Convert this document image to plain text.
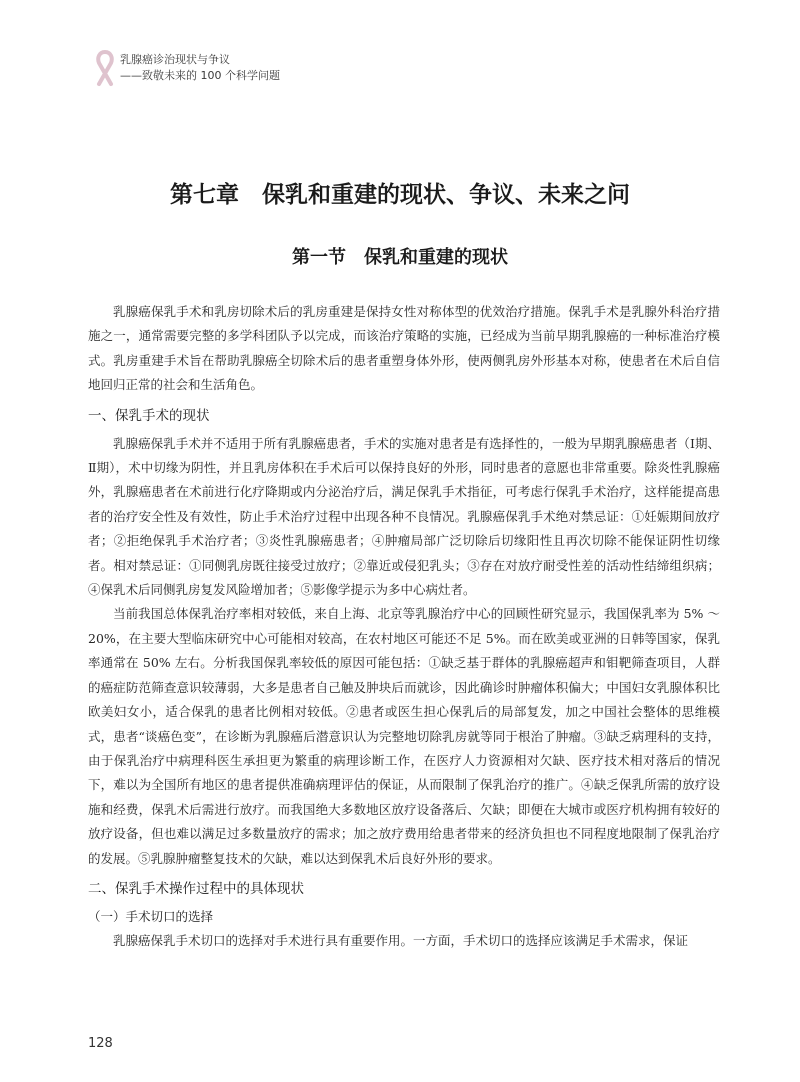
乳腺癌诊治现状与争议
——致敬未来的 100 个科学问题
第七章　保乳和重建的现状、争议、未来之问
第一节　保乳和重建的现状

乳腺癌保乳手术和乳房切除术后的乳房重建是保持女性对称体型的优效治疗措施。保乳手术是乳腺外科治疗措施之一，通常需要完整的多学科团队予以完成，而该治疗策略的实施，已经成为当前早期乳腺癌的一种标准治疗模式。乳房重建手术旨在帮助乳腺癌全切除术后的患者重塑身体外形，使两侧乳房外形基本对称，使患者在术后自信地回归正常的社会和生活角色。

一、保乳手术的现状

乳腺癌保乳手术并不适用于所有乳腺癌患者，手术的实施对患者是有选择性的，一般为早期乳腺癌患者（Ⅰ期、Ⅱ期），术中切缘为阴性，并且乳房体积在手术后可以保持良好的外形，同时患者的意愿也非常重要。除炎性乳腺癌外，乳腺癌患者在术前进行化疗降期或内分泌治疗后，满足保乳手术指征，可考虑行保乳手术治疗，这样能提高患者的治疗安全性及有效性，防止手术治疗过程中出现各种不良情况。乳腺癌保乳手术绝对禁忌证：①妊娠期间放疗者；②拒绝保乳手术治疗者；③炎性乳腺癌患者；④肿瘤局部广泛切除后切缘阳性且再次切除不能保证阴性切缘者。相对禁忌证：①同侧乳房既往接受过放疗；②靠近或侵犯乳头；③存在对放疗耐受性差的活动性结缔组织病；④保乳术后同侧乳房复发风险增加者；⑤影像学提示为多中心病灶者。

当前我国总体保乳治疗率相对较低，来自上海、北京等乳腺治疗中心的回顾性研究显示，我国保乳率为 5% ～ 20%，在主要大型临床研究中心可能相对较高，在农村地区可能还不足 5%。而在欧美或亚洲的日韩等国家，保乳率通常在 50% 左右。分析我国保乳率较低的原因可能包括：①缺乏基于群体的乳腺癌超声和钼靶筛查项目，人群的癌症防范筛查意识较薄弱，大多是患者自己触及肿块后而就诊，因此确诊时肿瘤体积偏大；中国妇女乳腺体积比欧美妇女小，适合保乳的患者比例相对较低。②患者或医生担心保乳后的局部复发，加之中国社会整体的思维模式，患者“谈癌色变”，在诊断为乳腺癌后潜意识认为完整地切除乳房就等同于根治了肿瘤。③缺乏病理科的支持，由于保乳治疗中病理科医生承担更为繁重的病理诊断工作，在医疗人力资源相对欠缺、医疗技术相对落后的情况下，难以为全国所有地区的患者提供准确病理评估的保证，从而限制了保乳治疗的推广。④缺乏保乳所需的放疗设施和经费，保乳术后需进行放疗。而我国绝大多数地区放疗设备落后、欠缺；即便在大城市或医疗机构拥有较好的放疗设备，但也难以满足过多数量放疗的需求；加之放疗费用给患者带来的经济负担也不同程度地限制了保乳治疗的发展。⑤乳腺肿瘤整复技术的欠缺，难以达到保乳术后良好外形的要求。

二、保乳手术操作过程中的具体现状
（一）手术切口的选择

乳腺癌保乳手术切口的选择对手术进行具有重要作用。一方面，手术切口的选择应该满足手术需求，保证

128
